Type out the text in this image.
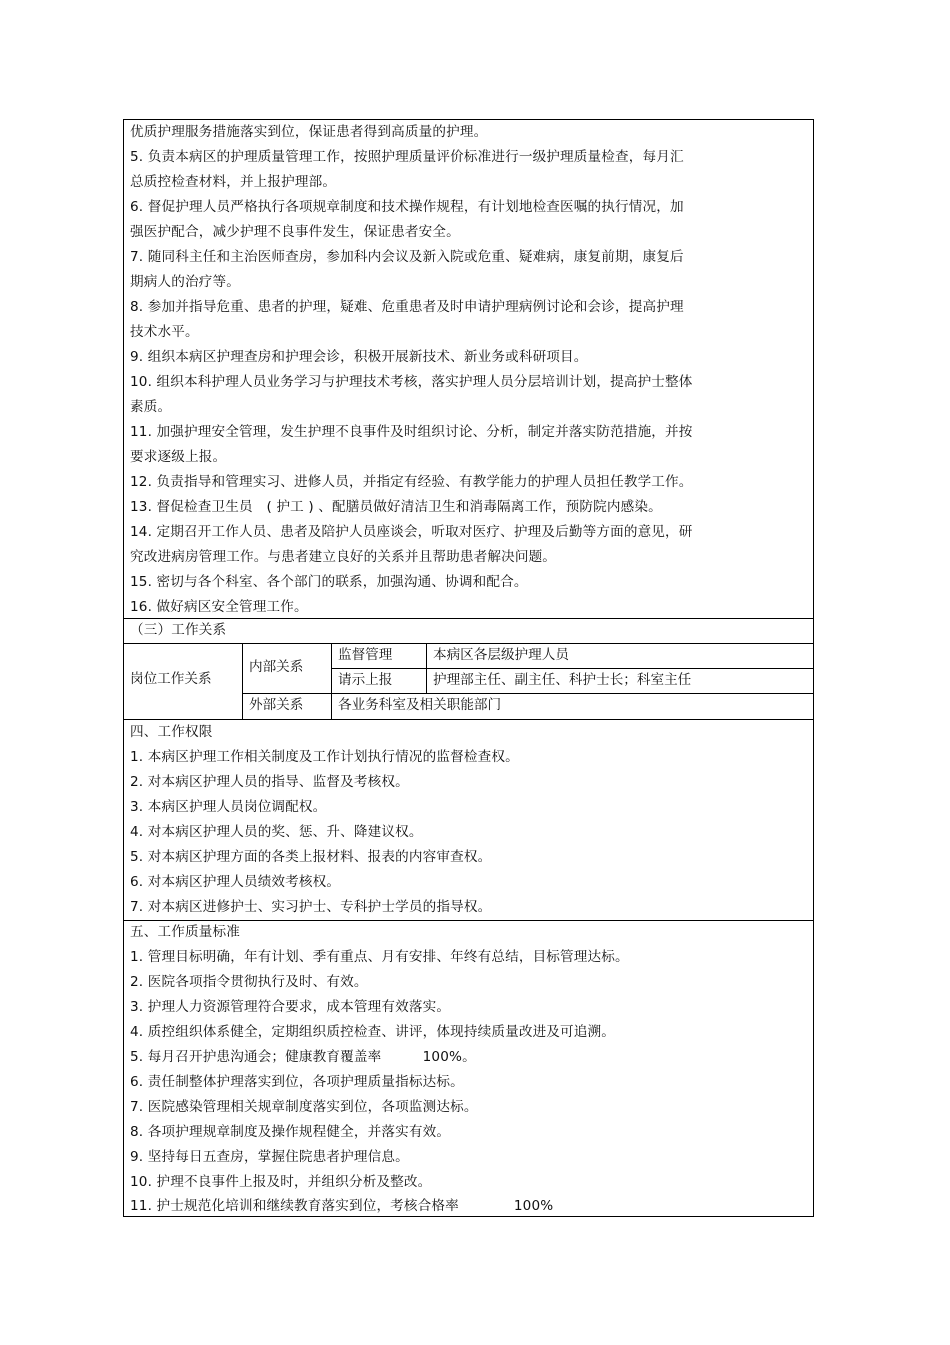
优质护理服务措施落实到位，保证患者得到高质量的护理。
5. 负责本病区的护理质量管理工作，按照护理质量评价标准进行一级护理质量检查，每月汇
总质控检查材料，并上报护理部。
6. 督促护理人员严格执行各项规章制度和技术操作规程，有计划地检查医嘱的执行情况，加
强医护配合，减少护理不良事件发生，保证患者安全。
7. 随同科主任和主治医师查房，参加科内会议及新入院或危重、疑难病，康复前期，康复后
期病人的治疗等。
8. 参加并指导危重、患者的护理，疑难、危重患者及时申请护理病例讨论和会诊，提高护理
技术水平。
9. 组织本病区护理查房和护理会诊，积极开展新技术、新业务或科研项目。
10. 组织本科护理人员业务学习与护理技术考核，落实护理人员分层培训计划，提高护士整体
素质。
11. 加强护理安全管理，发生护理不良事件及时组织讨论、分析，制定并落实防范措施，并按
要求逐级上报。
12. 负责指导和管理实习、进修人员，并指定有经验、有教学能力的护理人员担任教学工作。
13. 督促检查卫生员　( 护工 ) 、配膳员做好清洁卫生和消毒隔离工作，预防院内感染。
14. 定期召开工作人员、患者及陪护人员座谈会，听取对医疗、护理及后勤等方面的意见，研
究改进病房管理工作。与患者建立良好的关系并且帮助患者解决问题。
15. 密切与各个科室、各个部门的联系，加强沟通、协调和配合。
16. 做好病区安全管理工作。
（三）工作关系
岗位工作关系
内部关系
监督管理	本病区各层级护理人员
请示上报	护理部主任、副主任、科护士长；科室主任
外部关系	各业务科室及相关职能部门
四、工作权限
1. 本病区护理工作相关制度及工作计划执行情况的监督检查权。
2. 对本病区护理人员的指导、监督及考核权。
3. 本病区护理人员岗位调配权。
4. 对本病区护理人员的奖、惩、升、降建议权。
5. 对本病区护理方面的各类上报材料、报表的内容审查权。
6. 对本病区护理人员绩效考核权。
7. 对本病区进修护士、实习护士、专科护士学员的指导权。
五、工作质量标准
1. 管理目标明确，年有计划、季有重点、月有安排、年终有总结，目标管理达标。
2. 医院各项指令贯彻执行及时、有效。
3. 护理人力资源管理符合要求，成本管理有效落实。
4. 质控组织体系健全，定期组织质控检查、讲评，体现持续质量改进及可追溯。
5. 每月召开护患沟通会；健康教育覆盖率　　　100%。
6. 责任制整体护理落实到位，各项护理质量指标达标。
7. 医院感染管理相关规章制度落实到位，各项监测达标。
8. 各项护理规章制度及操作规程健全，并落实有效。
9. 坚持每日五查房，掌握住院患者护理信息。
10. 护理不良事件上报及时，并组织分析及整改。
11. 护士规范化培训和继续教育落实到位，考核合格率　　　　100%
